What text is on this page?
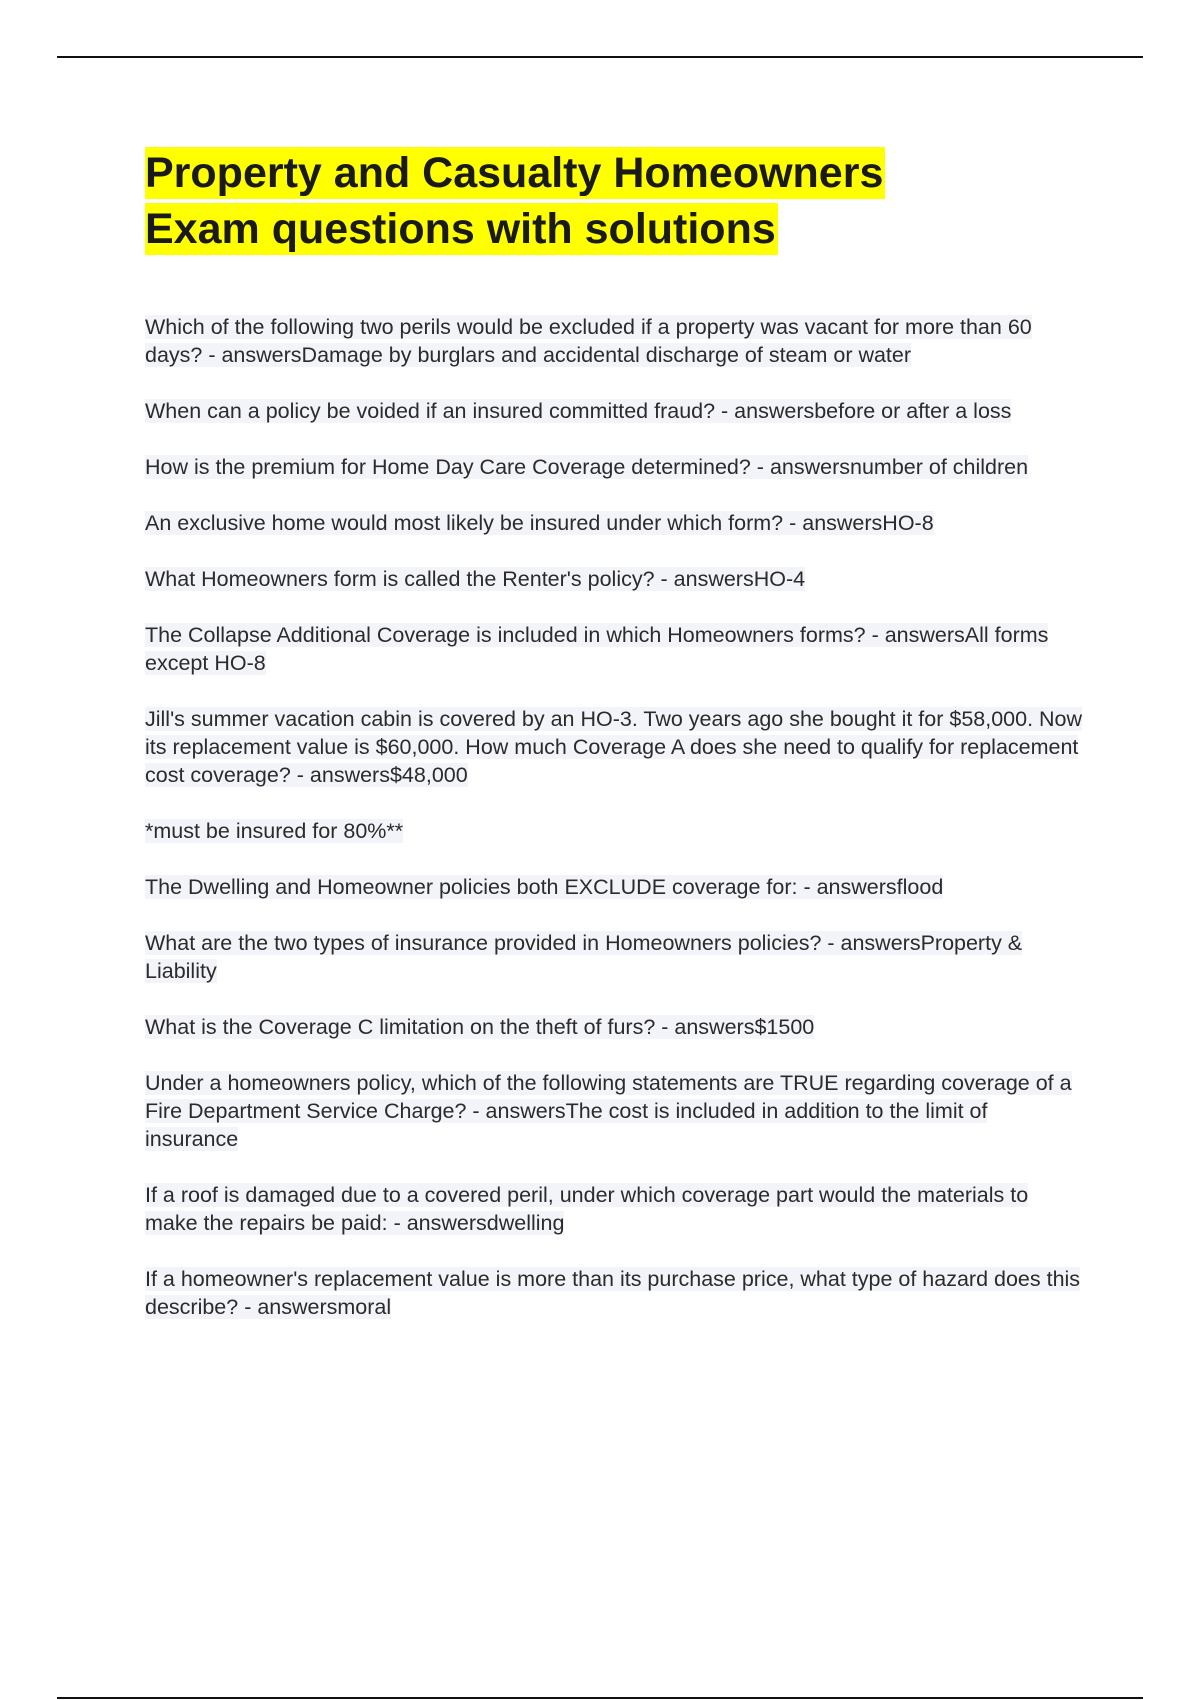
Property and Casualty Homeowners
Exam questions with solutions
Which of the following two perils would be excluded if a property was vacant for more than 60 days? - answersDamage by burglars and accidental discharge of steam or water
When can a policy be voided if an insured committed fraud? - answersbefore or after a loss
How is the premium for Home Day Care Coverage determined? - answersnumber of children
An exclusive home would most likely be insured under which form? - answersHO-8
What Homeowners form is called the Renter's policy? - answersHO-4
The Collapse Additional Coverage is included in which Homeowners forms? - answersAll forms except HO-8
Jill's summer vacation cabin is covered by an HO-3. Two years ago she bought it for $58,000. Now its replacement value is $60,000. How much Coverage A does she need to qualify for replacement cost coverage? - answers$48,000
*must be insured for 80%**
The Dwelling and Homeowner policies both EXCLUDE coverage for: - answersflood
What are the two types of insurance provided in Homeowners policies? - answersProperty & Liability
What is the Coverage C limitation on the theft of furs? - answers$1500
Under a homeowners policy, which of the following statements are TRUE regarding coverage of a Fire Department Service Charge? - answersThe cost is included in addition to the limit of insurance
If a roof is damaged due to a covered peril, under which coverage part would the materials to make the repairs be paid: - answersdwelling
If a homeowner's replacement value is more than its purchase price, what type of hazard does this describe? - answersmoral
